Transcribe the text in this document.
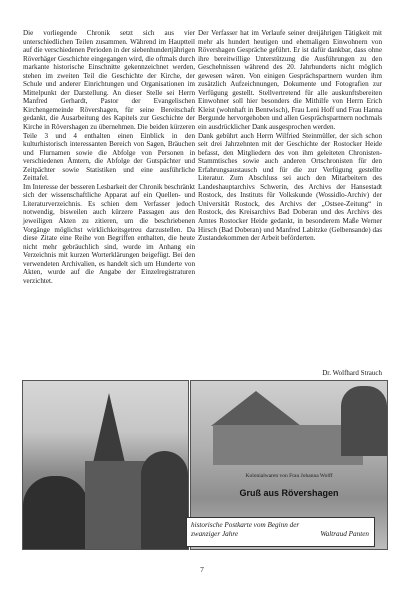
Die vorliegende Chronik setzt sich aus vier unterschiedlichen Teilen zusammen. Während im Hauptteil auf die verschiedenen Perioden in der siebenhundertjährigen Röverhäger Geschichte eingegangen wird, die oftmals durch markante historische Einschnitte gekennzeichnet werden, stehen im zweiten Teil die Geschichte der Kirche, der Schule und anderer Einrichtungen und Organisationen im Mittelpunkt der Darstellung. An dieser Stelle sei Herrn Manfred Gerhardt, Pastor der Evangelischen Kirchengemeinde Rövershagen, für seine Bereitschaft gedankt, die Ausarbeitung des Kapitels zur Geschichte der Kirche in Rövershagen zu übernehmen. Die beiden kürzeren Teile 3 und 4 enthalten einen Einblick in den kulturhistorisch interessanten Bereich von Sagen, Bräuchen und Flurnamen sowie die Abfolge von Personen in verschiedenen Ämtern, die Abfolge der Gutspächter und Zeitpächter sowie Statistiken und eine ausführliche Zeittafel.

Im Interesse der besseren Lesbarkeit der Chronik beschränkt sich der wissenschaftliche Apparat auf ein Quellen- und Literaturverzeichnis. Es schien dem Verfasser jedoch notwendig, bisweilen auch kürzere Passagen aus den jeweiligen Akten zu zitieren, um die beschriebenen Vorgänge möglichst wirklichkeitsgetreu darzustellen. Da diese Zitate eine Reihe von Begriffen enthalten, die heute nicht mehr gebräuchlich sind, wurde im Anhang ein Verzeichnis mit kurzen Worterklärungen beigefügt. Bei den verwendeten Archivalien, es handelt sich um Hunderte von Akten, wurde auf die Angabe der Einzelregistraturen verzichtet.

Der Verfasser hat im Verlaufe seiner dreijährigen Tätigkeit mit mehr als hundert heutigen und ehemaligen Einwohnern von Rövershagen Gespräche geführt. Er ist dafür dankbar, dass ohne ihre bereitwillige Unterstützung die Ausführungen zu den Geschehnissen während des 20. Jahrhunderts nicht möglich gewesen wären. Von einigen Gesprächspartnern wurden ihm zusätzlich Aufzeichnungen, Dokumente und Fotografien zur Verfügung gestellt. Stellvertretend für alle auskunftsbereiten Einwohner soll hier besonders die Mithilfe von Herrn Erich Kleist (wohnhaft in Bentwisch), Frau Leni Hoff und Frau Hanna Bergunde hervorgehoben und allen Gesprächspartnern nochmals ein ausdrücklicher Dank ausgesprochen werden.

Dank gebührt auch Herrn Wilfried Steinmüller, der sich schon seit drei Jahrzehnten mit der Geschichte der Rostocker Heide befasst, den Mitgliedern des von ihm geleiteten Chronisten-Stammtisches sowie auch anderen Ortschronisten für den Erfahrungsaustausch und für die zur Verfügung gestellte Literatur. Zum Abschluss sei auch den Mitarbeitern des Landeshauptarchivs Schwerin, des Archivs der Hansestadt Rostock, des Instituts für Volkskunde (Wossidlo-Archiv) der Universität Rostock, des Archivs der „Ostsee-Zeitung“ in Rostock, des Kreisarchivs Bad Doberan und des Archivs des Amtes Rostocker Heide gedankt, in besonderem Maße Werner Hirsch (Bad Doberan) und Manfred Labitzke (Gelbensande) das Zustandekommen der Arbeit beförderten.

Dr. Wolfhard Strauch
Kolonialwaren von Frau Johanna Wolff
Gruß aus Rövershagen
historische Postkarte vom Beginn der zwanziger Jahre	Waltraud Panten
7
